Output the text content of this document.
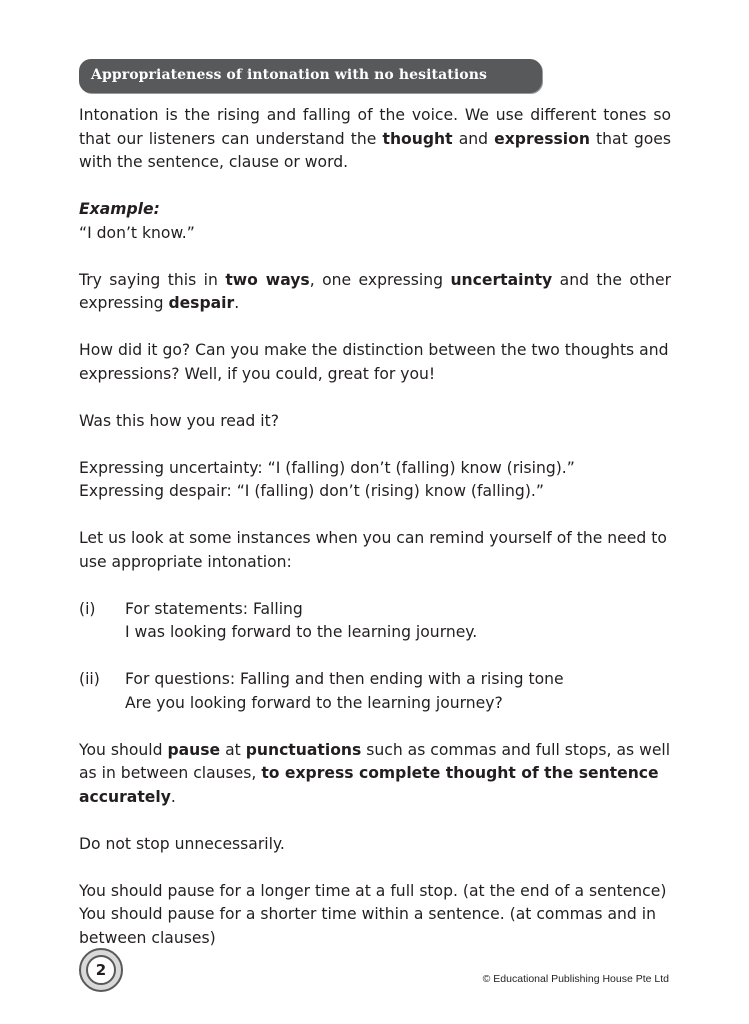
Appropriateness of intonation with no hesitations

Intonation is the rising and falling of the voice. We use different tones so that our listeners can understand the thought and expression that goes with the sentence, clause or word.

Example:

“I don’t know.”

Try saying this in two ways, one expressing uncertainty and the other expressing despair.

How did it go? Can you make the distinction between the two thoughts and expressions? Well, if you could, great for you!

Was this how you read it?

Expressing uncertainty: “I (falling) don’t (falling) know (rising).”

Expressing despair: “I (falling) don’t (rising) know (falling).”

Let us look at some instances when you can remind yourself of the need to use appropriate intonation:

(i)	For statements: Falling

I was looking forward to the learning journey.

(ii)	For questions: Falling and then ending with a rising tone

Are you looking forward to the learning journey?

You should pause at punctuations such as commas and full stops, as well as in between clauses, to express complete thought of the sentence accurately.

Do not stop unnecessarily.

You should pause for a longer time at a full stop. (at the end of a sentence)

You should pause for a shorter time within a sentence. (at commas and in between clauses)

2	© Educational Publishing House Pte Ltd
